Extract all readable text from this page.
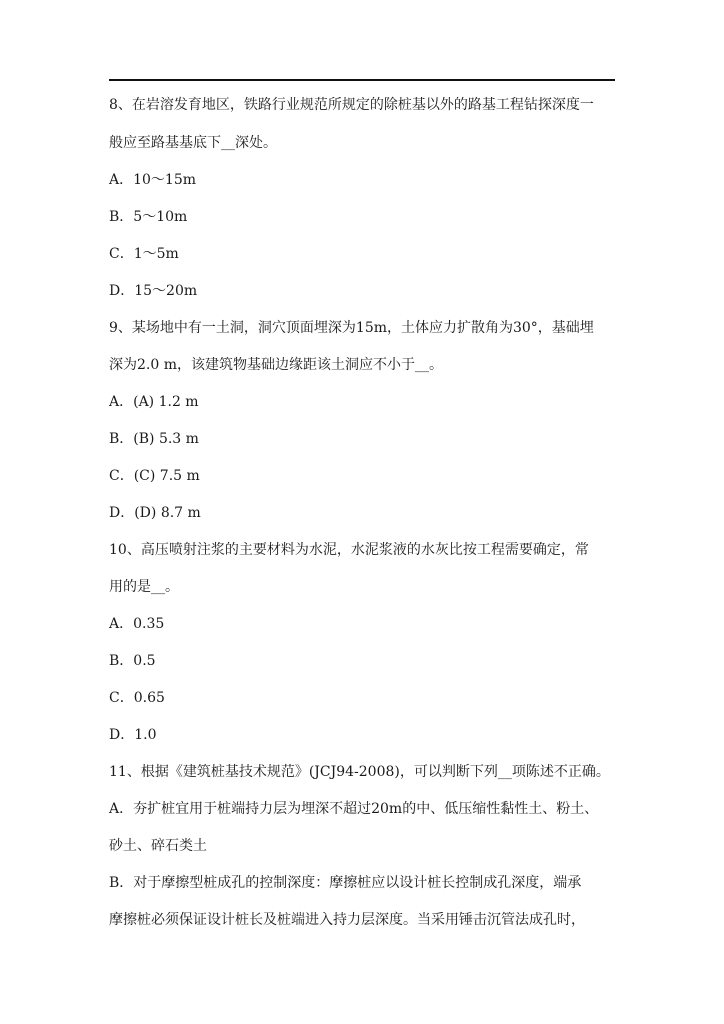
8、在岩溶发育地区，铁路行业规范所规定的除桩基以外的路基工程钻探深度一
般应至路基基底下__深处。
A．10～15m
B．5～10m
C．1～5m
D．15～20m
9、某场地中有一土洞，洞穴顶面埋深为15m，土体应力扩散角为30°，基础埋
深为2.0 m，该建筑物基础边缘距该土洞应不小于__。
A．(A) 1.2 m
B．(B) 5.3 m
C．(C) 7.5 m
D．(D) 8.7 m
10、高压喷射注浆的主要材料为水泥，水泥浆液的水灰比按工程需要确定，常
用的是__。
A．0.35
B．0.5
C．0.65
D．1.0
11、根据《建筑桩基技术规范》(JCJ94-2008)，可以判断下列__项陈述不正确。
A．夯扩桩宜用于桩端持力层为埋深不超过20m的中、低压缩性黏性土、粉土、
砂土、碎石类土
B．对于摩擦型桩成孔的控制深度：摩擦桩应以设计桩长控制成孔深度，端承
摩擦桩必须保证设计桩长及桩端进入持力层深度。当采用锤击沉管法成孔时，
